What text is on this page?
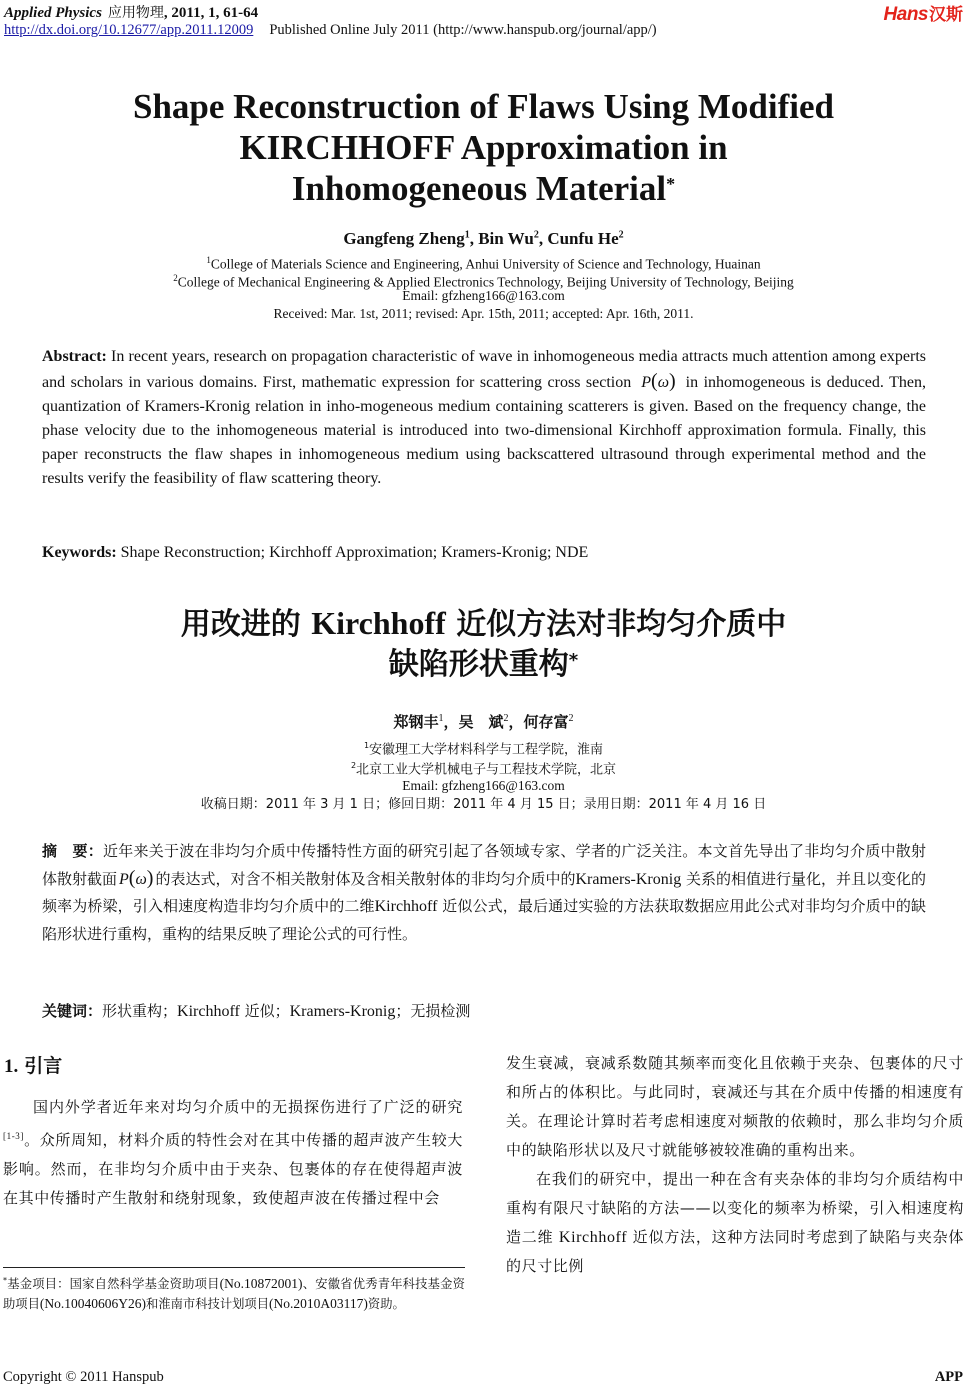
Applied Physics 应用物理, 2011, 1, 61-64
http://dx.doi.org/10.12677/app.2011.12009 Published Online July 2011 (http://www.hanspub.org/journal/app/)
Hans汉斯
Shape Reconstruction of Flaws Using Modified
KIRCHHOFF Approximation in
Inhomogeneous Material*
Gangfeng Zheng$^1$, Bin Wu$^2$, Cunfu He$^2$
$^1$College of Materials Science and Engineering, Anhui University of Science and Technology, Huainan
$^2$College of Mechanical Engineering & Applied Electronics Technology, Beijing University of Technology, Beijing
Email: gfzheng166@163.com
Received: Mar. 1st, 2011; revised: Apr. 15th, 2011; accepted: Apr. 16th, 2011.
Abstract: In recent years, research on propagation characteristic of wave in inhomogeneous media attracts much attention among experts and scholars in various domains. First, mathematic expression for scattering cross section P(ω) in inhomogeneous is deduced. Then, quantization of Kramers-Kronig relation in inho-mogeneous medium containing scatterers is given. Based on the frequency change, the phase velocity due to the inhomogeneous material is introduced into two-dimensional Kirchhoff approximation formula. Finally, this paper reconstructs the flaw shapes in inhomogeneous medium using backscattered ultrasound through experimental method and the results verify the feasibility of flaw scattering theory.
Keywords: Shape Reconstruction; Kirchhoff Approximation; Kramers-Kronig; NDE
用改进的 Kirchhoff 近似方法对非均匀介质中
缺陷形状重构*
郑钢丰$^1$，吴　斌$^2$，何存富$^2$
$^1$安徽理工大学材料科学与工程学院，淮南
$^2$北京工业大学机械电子与工程技术学院，北京
Email: gfzheng166@163.com
收稿日期：2011 年 3 月 1 日；修回日期：2011 年 4 月 15 日；录用日期：2011 年 4 月 16 日
摘　要：近年来关于波在非均匀介质中传播特性方面的研究引起了各领域专家、学者的广泛关注。本文首先导出了非均匀介质中散射体散射截面 P(ω) 的表达式，对含不相关散射体及含相关散射体的非均匀介质中的Kramers-Kronig 关系的相值进行量化，并且以变化的频率为桥梁，引入相速度构造非均匀介质中的二维Kirchhoff 近似公式，最后通过实验的方法获取数据应用此公式对非均匀介质中的缺陷形状进行重构，重构的结果反映了理论公式的可行性。
关键词：形状重构；Kirchhoff 近似；Kramers-Kronig；无损检测
1. 引言
国内外学者近年来对均匀介质中的无损探伤进行了广泛的研究[1-3]。众所周知，材料介质的特性会对在其中传播的超声波产生较大影响。然而，在非均匀介质中由于夹杂、包裹体的存在使得超声波在其中传播时产生散射和绕射现象，致使超声波在传播过程中会
发生衰减，衰减系数随其频率而变化且依赖于夹杂、包裹体的尺寸和所占的体积比。与此同时，衰减还与其在介质中传播的相速度有关。在理论计算时若考虑相速度对频散的依赖时，那么非均匀介质中的缺陷形状以及尺寸就能够被较准确的重构出来。
在我们的研究中，提出一种在含有夹杂体的非均匀介质结构中重构有限尺寸缺陷的方法——以变化的频率为桥梁，引入相速度构造二维 Kirchhoff 近似方法，这种方法同时考虑到了缺陷与夹杂体的尺寸比例
*基金项目：国家自然科学基金资助项目(No.10872001)、安徽省优秀青年科技基金资助项目(No.10040606Y26)和淮南市科技计划项目(No.2010A03117)资助。
Copyright © 2011 Hanspub	APP
